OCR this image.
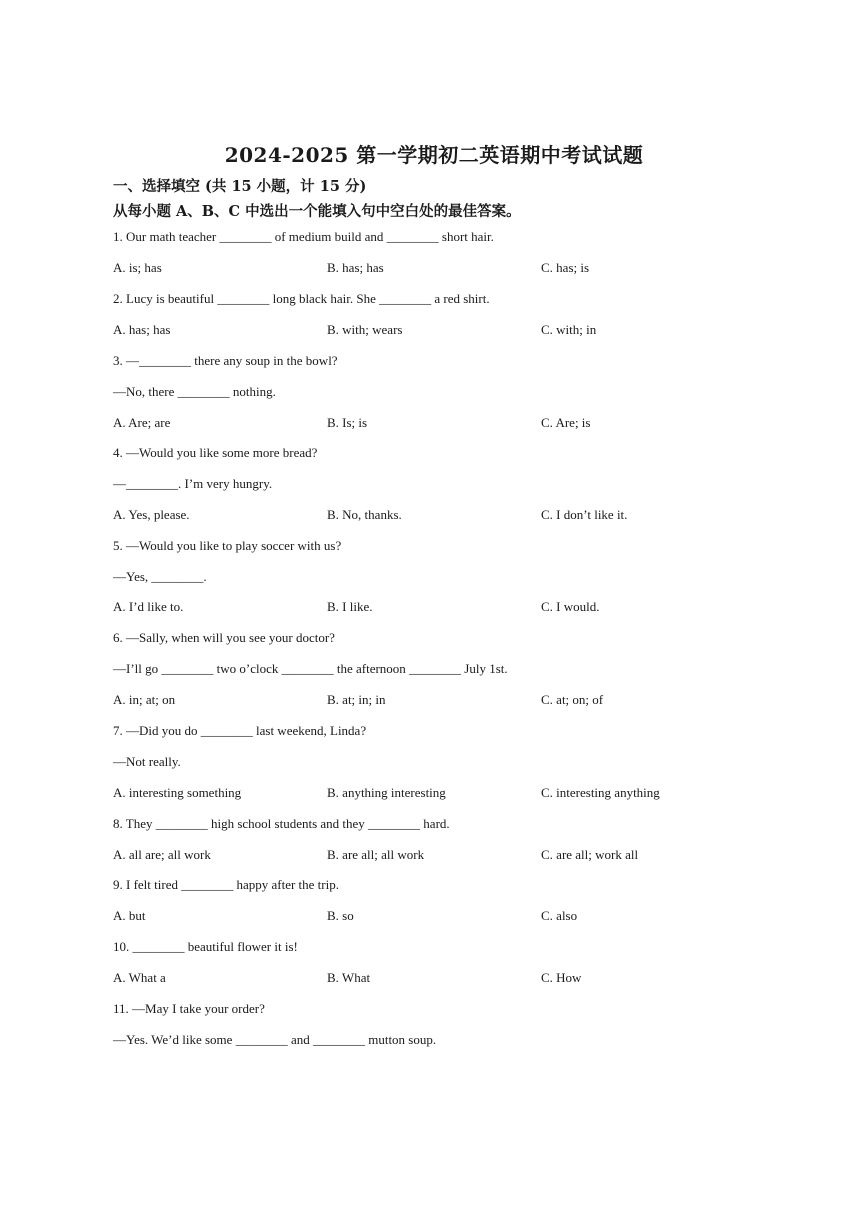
2024-2025 第一学期初二英语期中考试试题
一、选择填空 (共 15 小题，计 15 分)
从每小题 A、B、C 中选出一个能填入句中空白处的最佳答案。
1. Our math teacher ________ of medium build and ________ short hair.
A. is; has	B. has; has	C. has; is
2. Lucy is beautiful ________ long black hair. She ________ a red shirt.
A. has; has	B. with; wears	C. with; in
3. —________ there any soup in the bowl?
—No, there ________ nothing.
A. Are; are	B. Is; is	C. Are; is
4. —Would you like some more bread?
—________. I’m very hungry.
A. Yes, please.	B. No, thanks.	C. I don’t like it.
5. —Would you like to play soccer with us?
—Yes, ________.
A. I’d like to.	B. I like.	C. I would.
6. —Sally, when will you see your doctor?
—I’ll go ________ two o’clock ________ the afternoon ________ July 1st.
A. in; at; on	B. at; in; in	C. at; on; of
7. —Did you do ________ last weekend, Linda?
—Not really.
A. interesting something	B. anything interesting	C. interesting anything
8. They ________ high school students and they ________ hard.
A. all are; all work	B. are all; all work	C. are all; work all
9. I felt tired ________ happy after the trip.
A. but	B. so	C. also
10. ________ beautiful flower it is!
A. What a	B. What	C. How
11. —May I take your order?
—Yes. We’d like some ________ and ________ mutton soup.
